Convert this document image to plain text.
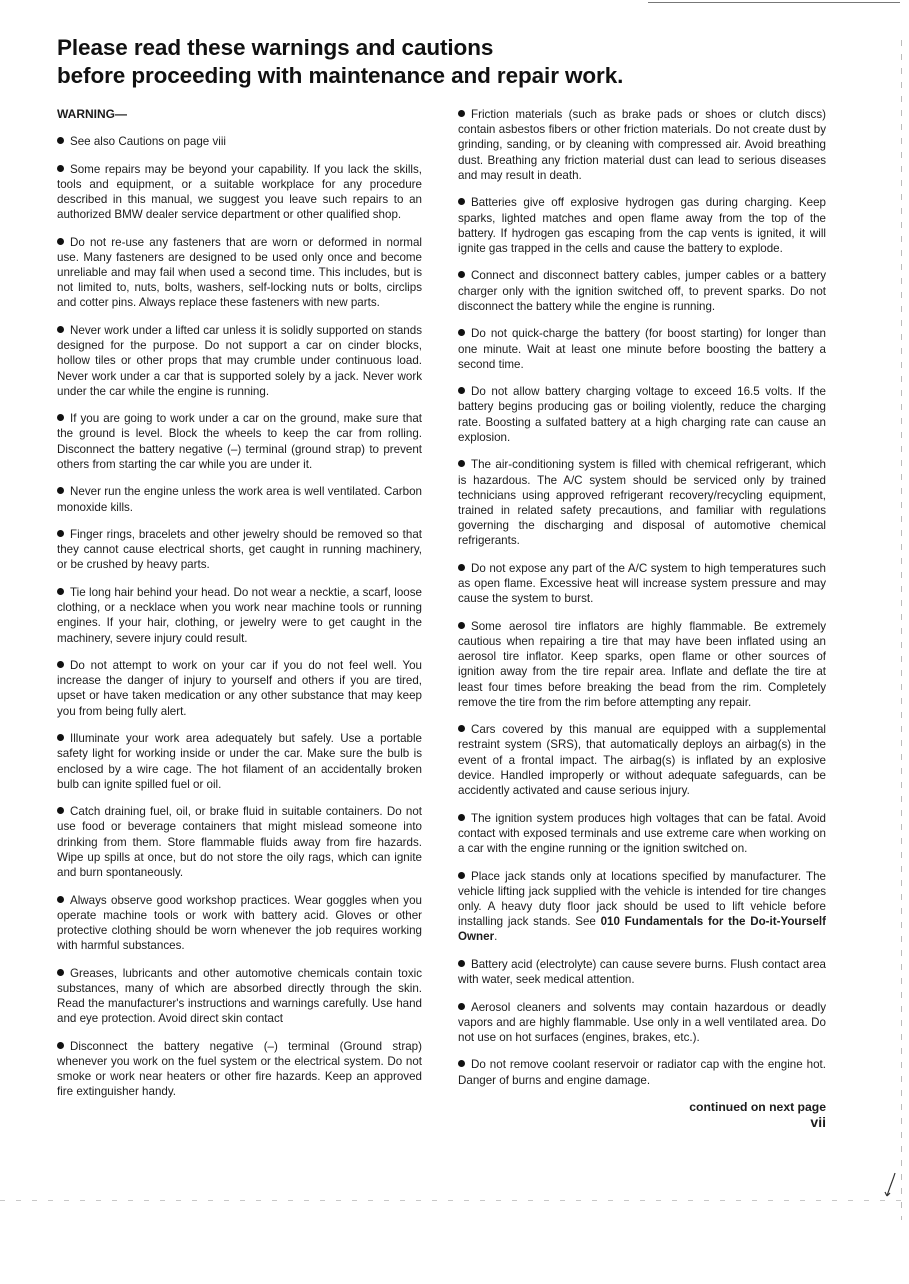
Please read these warnings and cautions
before proceeding with maintenance and repair work.
WARNING—
See also Cautions on page viii
Some repairs may be beyond your capability. If you lack the skills, tools and equipment, or a suitable workplace for any procedure described in this manual, we suggest you leave such repairs to an authorized BMW dealer service department or other qualified shop.
Do not re-use any fasteners that are worn or deformed in normal use. Many fasteners are designed to be used only once and become unreliable and may fail when used a second time. This includes, but is not limited to, nuts, bolts, washers, self-locking nuts or bolts, circlips and cotter pins. Always replace these fasteners with new parts.
Never work under a lifted car unless it is solidly supported on stands designed for the purpose. Do not support a car on cinder blocks, hollow tiles or other props that may crumble under continuous load. Never work under a car that is supported solely by a jack. Never work under the car while the engine is running.
If you are going to work under a car on the ground, make sure that the ground is level. Block the wheels to keep the car from rolling. Disconnect the battery negative (–) terminal (ground strap) to prevent others from starting the car while you are under it.
Never run the engine unless the work area is well ventilated. Carbon monoxide kills.
Finger rings, bracelets and other jewelry should be removed so that they cannot cause electrical shorts, get caught in running machinery, or be crushed by heavy parts.
Tie long hair behind your head. Do not wear a necktie, a scarf, loose clothing, or a necklace when you work near machine tools or running engines. If your hair, clothing, or jewelry were to get caught in the machinery, severe injury could result.
Do not attempt to work on your car if you do not feel well. You increase the danger of injury to yourself and others if you are tired, upset or have taken medication or any other substance that may keep you from being fully alert.
Illuminate your work area adequately but safely. Use a portable safety light for working inside or under the car. Make sure the bulb is enclosed by a wire cage. The hot filament of an accidentally broken bulb can ignite spilled fuel or oil.
Catch draining fuel, oil, or brake fluid in suitable containers. Do not use food or beverage containers that might mislead someone into drinking from them. Store flammable fluids away from fire hazards. Wipe up spills at once, but do not store the oily rags, which can ignite and burn spontaneously.
Always observe good workshop practices. Wear goggles when you operate machine tools or work with battery acid. Gloves or other protective clothing should be worn whenever the job requires working with harmful substances.
Greases, lubricants and other automotive chemicals contain toxic substances, many of which are absorbed directly through the skin. Read the manufacturer's instructions and warnings carefully. Use hand and eye protection. Avoid direct skin contact
Disconnect the battery negative (–) terminal (Ground strap) whenever you work on the fuel system or the electrical system. Do not smoke or work near heaters or other fire hazards. Keep an approved fire extinguisher handy.
Friction materials (such as brake pads or shoes or clutch discs) contain asbestos fibers or other friction materials. Do not create dust by grinding, sanding, or by cleaning with compressed air. Avoid breathing dust. Breathing any friction material dust can lead to serious diseases and may result in death.
Batteries give off explosive hydrogen gas during charging. Keep sparks, lighted matches and open flame away from the top of the battery. If hydrogen gas escaping from the cap vents is ignited, it will ignite gas trapped in the cells and cause the battery to explode.
Connect and disconnect battery cables, jumper cables or a battery charger only with the ignition switched off, to prevent sparks. Do not disconnect the battery while the engine is running.
Do not quick-charge the battery (for boost starting) for longer than one minute. Wait at least one minute before boosting the battery a second time.
Do not allow battery charging voltage to exceed 16.5 volts. If the battery begins producing gas or boiling violently, reduce the charging rate. Boosting a sulfated battery at a high charging rate can cause an explosion.
The air-conditioning system is filled with chemical refrigerant, which is hazardous. The A/C system should be serviced only by trained technicians using approved refrigerant recovery/recycling equipment, trained in related safety precautions, and familiar with regulations governing the discharging and disposal of automotive chemical refrigerants.
Do not expose any part of the A/C system to high temperatures such as open flame. Excessive heat will increase system pressure and may cause the system to burst.
Some aerosol tire inflators are highly flammable. Be extremely cautious when repairing a tire that may have been inflated using an aerosol tire inflator. Keep sparks, open flame or other sources of ignition away from the tire repair area. Inflate and deflate the tire at least four times before breaking the bead from the rim. Completely remove the tire from the rim before attempting any repair.
Cars covered by this manual are equipped with a supplemental restraint system (SRS), that automatically deploys an airbag(s) in the event of a frontal impact. The airbag(s) is inflated by an explosive device. Handled improperly or without adequate safeguards, can be accidently activated and cause serious injury.
The ignition system produces high voltages that can be fatal. Avoid contact with exposed terminals and use extreme care when working on a car with the engine running or the ignition switched on.
Place jack stands only at locations specified by manufacturer. The vehicle lifting jack supplied with the vehicle is intended for tire changes only. A heavy duty floor jack should be used to lift vehicle before installing jack stands. See 010 Fundamentals for the Do-it-Yourself Owner.
Battery acid (electrolyte) can cause severe burns. Flush contact area with water, seek medical attention.
Aerosol cleaners and solvents may contain hazardous or deadly vapors and are highly flammable. Use only in a well ventilated area. Do not use on hot surfaces (engines, brakes, etc.).
Do not remove coolant reservoir or radiator cap with the engine hot. Danger of burns and engine damage.
continued on next page
vii
